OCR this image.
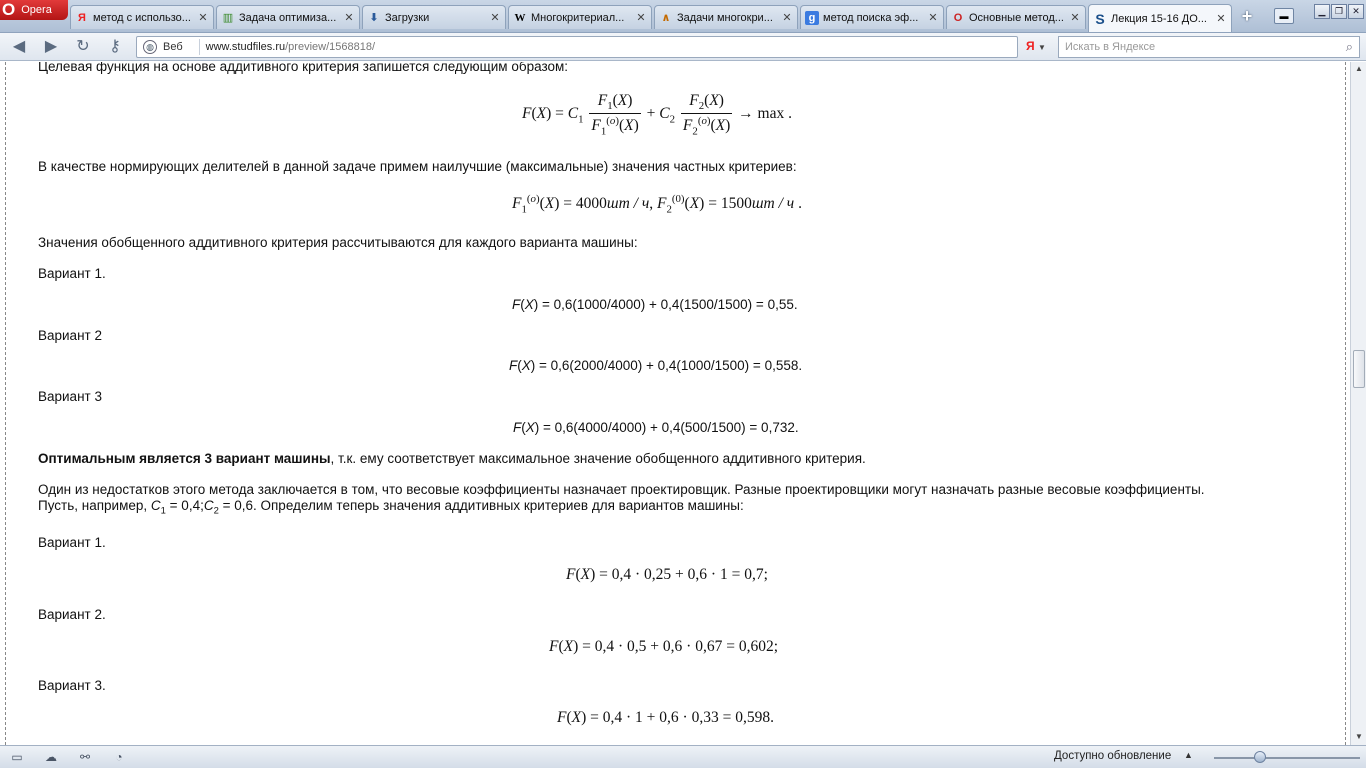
O Opera
Я метод с использо... ✕ ▥ Задача оптимиза... ✕ ⬇ Загрузки	✕ W Многокритериал...	✕ ∧ Задачи многокри... ✕	g метод поиска эф... ✕ O Основные метод... ✕ S Лекция 15-16 ДО... ✕ +	▬	▁	❐	✕
◀	▶	↻	⚷	◍ Веб www.studfiles.ru /preview/1568818/	Я ▼	Искать в Яндексе	⌕
Целевая функция на основе аддитивного критерия запишется следующим образом:
$F(X) = C_1 \frac{F_1(X)}{F_1^{(о)}(X)} + C_2 \frac{F_2(X)}{F_2^{(о)}(X)} \to \max$ .
В качестве нормирующих делителей в данной задаче примем наилучшие (максимальные) значения частных критериев:
$F_1^{(о)}(X) = 4000шт / ч$, $F_2^{(0)}(X) = 1500шт / ч$ .
Значения обобщенного аддитивного критерия рассчитываются для каждого варианта машины:
Вариант 1.
F(X) = 0,6(1000/4000) + 0,4(1500/1500) = 0,55.
Вариант 2
F(X) = 0,6(2000/4000) + 0,4(1000/1500) = 0,558.
Вариант 3
F(X) = 0,6(4000/4000) + 0,4(500/1500) = 0,732.
Оптимальным является 3 вариант машины, т.к. ему соответствует максимальное значение обобщенного аддитивного критерия.
Один из недостатков этого метода заключается в том, что весовые коэффициенты назначает проектировщик. Разные проектировщики могут назначать разные весовые коэффициенты.
Пусть, например, $C_1$ = $0,4;C_2 = 0,6$. Определим теперь значения аддитивных критериев для вариантов машины:
Вариант 1.
F(X) = 0,4 · 0,25 + 0,6 · 1 = 0,7;
Вариант 2.
F(X) = 0,4 · 0,5 + 0,6 · 0,67 = 0,602;
Вариант 3.
F(X) = 0,4 · 1 + 0,6 · 0,33 = 0,598.
▲
▼
▭ ☁	⚯	◔	Доступно обновление ▲
